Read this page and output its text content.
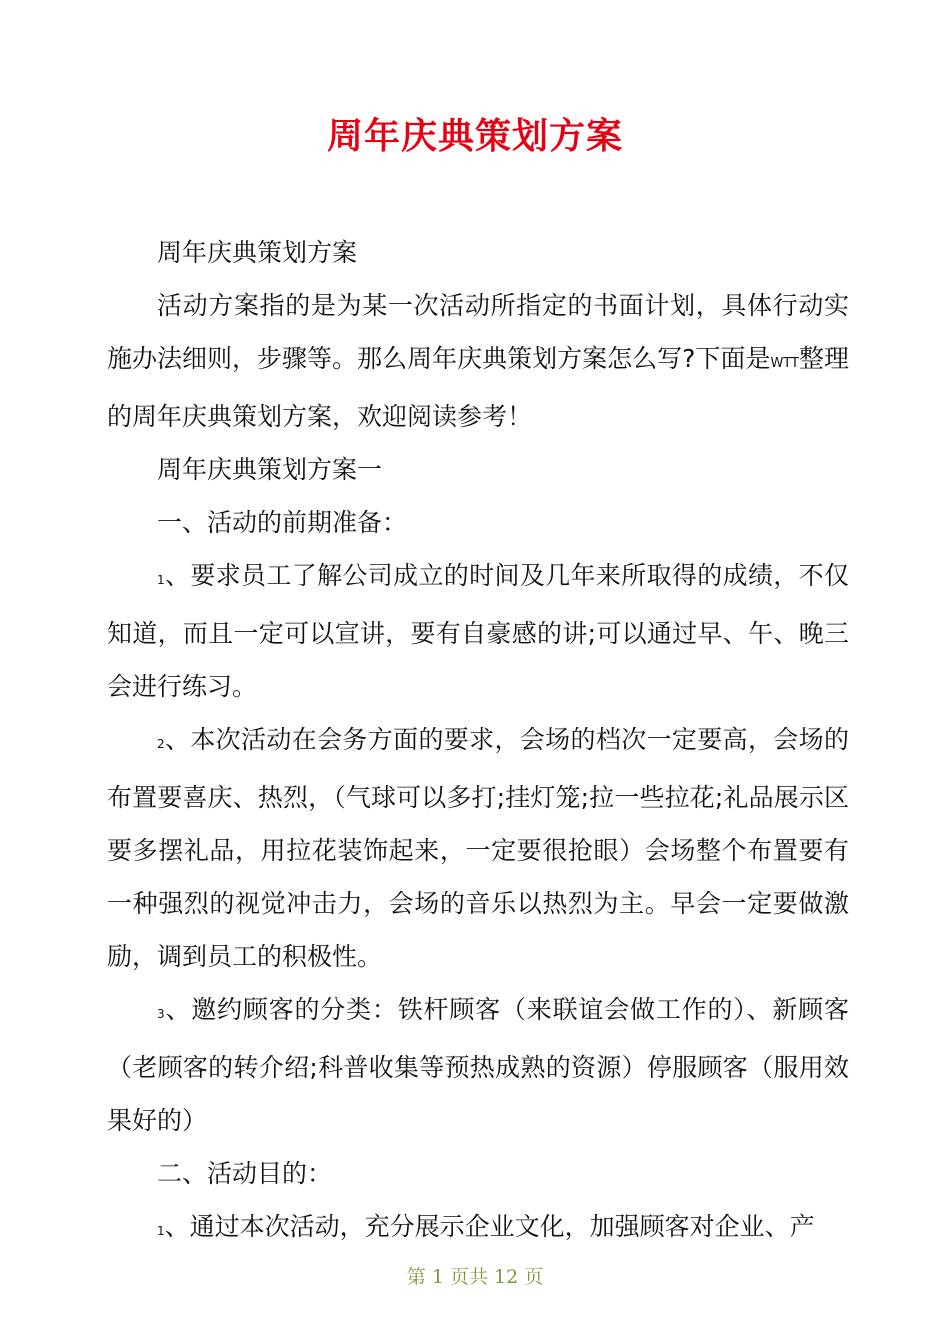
周年庆典策划方案

周年庆典策划方案

活动方案指的是为某一次活动所指定的书面计划，具体行动实施办法细则，步骤等。那么周年庆典策划方案怎么写?下面是WTT整理的周年庆典策划方案，欢迎阅读参考！

周年庆典策划方案一

一、活动的前期准备：

1、要求员工了解公司成立的时间及几年来所取得的成绩，不仅知道，而且一定可以宣讲，要有自豪感的讲;可以通过早、午、晚三会进行练习。

2、本次活动在会务方面的要求，会场的档次一定要高，会场的布置要喜庆、热烈，（气球可以多打;挂灯笼;拉一些拉花;礼品展示区要多摆礼品，用拉花装饰起来，一定要很抢眼）会场整个布置要有一种强烈的视觉冲击力，会场的音乐以热烈为主。早会一定要做激励，调到员工的积极性。

3、邀约顾客的分类：铁杆顾客（来联谊会做工作的）、新顾客（老顾客的转介绍;科普收集等预热成熟的资源）停服顾客（服用效果好的）

二、活动目的：

1、通过本次活动，充分展示企业文化，加强顾客对企业、产

第 1 页共 12 页
